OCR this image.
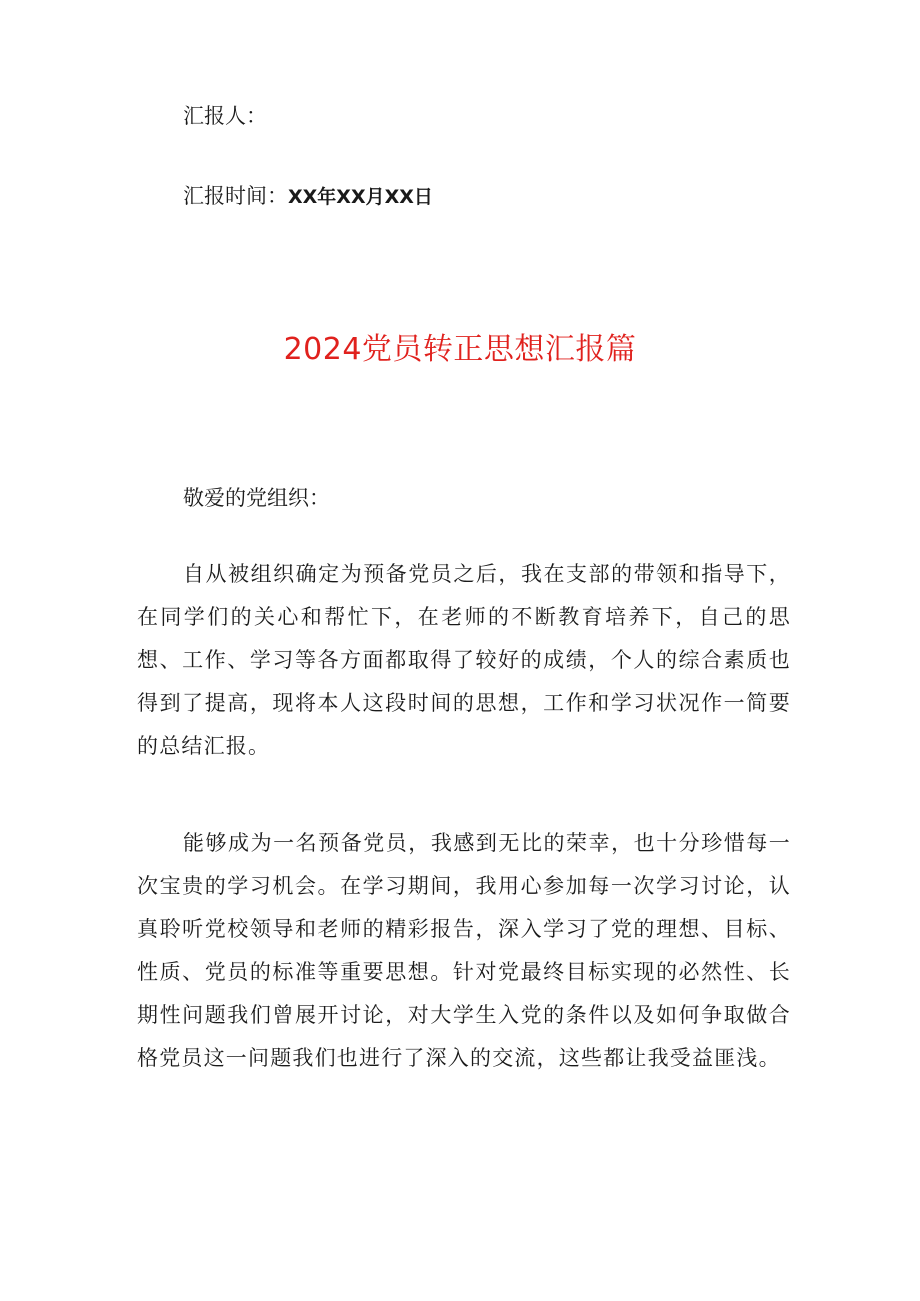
汇报人：
汇报时间：XX年XX月XX日
2024党员转正思想汇报篇
敬爱的党组织：

自从被组织确定为预备党员之后，我在支部的带领和指导下，在同学们的关心和帮忙下，在老师的不断教育培养下，自己的思想、工作、学习等各方面都取得了较好的成绩，个人的综合素质也得到了提高，现将本人这段时间的思想，工作和学习状况作一简要的总结汇报。

能够成为一名预备党员，我感到无比的荣幸，也十分珍惜每一次宝贵的学习机会。在学习期间，我用心参加每一次学习讨论，认真聆听党校领导和老师的精彩报告，深入学习了党的理想、目标、性质、党员的标准等重要思想。针对党最终目标实现的必然性、长期性问题我们曾展开讨论，对大学生入党的条件以及如何争取做合格党员这一问题我们也进行了深入的交流，这些都让我受益匪浅。
